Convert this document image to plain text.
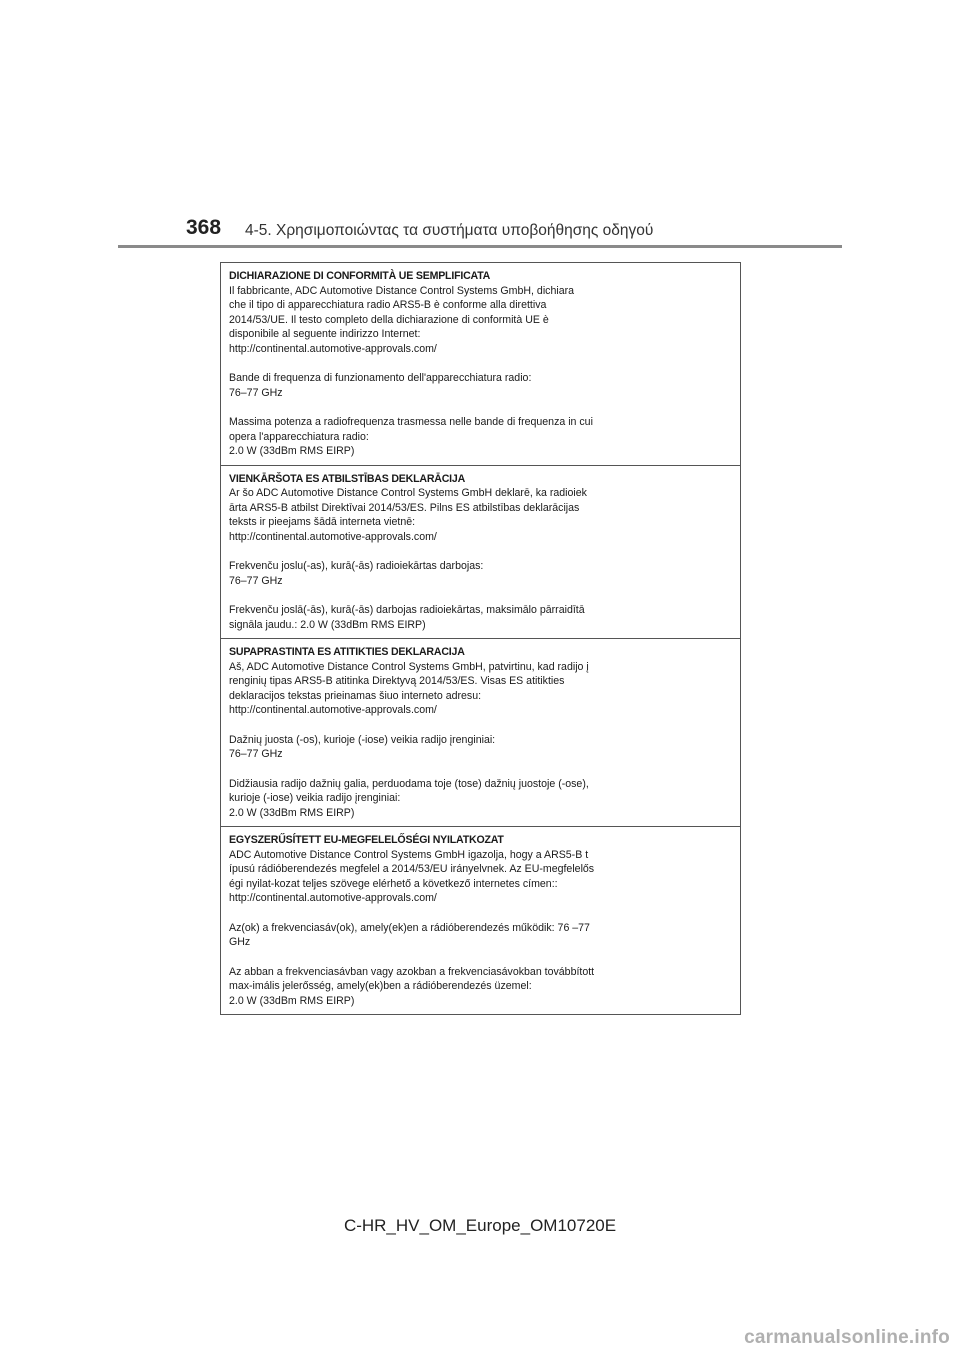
368 4-5. Χρησιμοποιώντας τα συστήματα υποβοήθησης οδηγού

DICHIARAZIONE DI CONFORMITÀ UE SEMPLIFICATA

Il fabbricante, ADC Automotive Distance Control Systems GmbH, dichiara
che il tipo di apparecchiatura radio ARS5-B è conforme alla direttiva
2014/53/UE. Il testo completo della dichiarazione di conformità UE è
disponibile al seguente indirizzo Internet:
http://continental.automotive-approvals.com/

Bande di frequenza di funzionamento dell'apparecchiatura radio:
76–77 GHz

Massima potenza a radiofrequenza trasmessa nelle bande di frequenza in cui
opera l'apparecchiatura radio:
2.0 W (33dBm RMS EIRP)

VIENKĀRŠOTA ES ATBILSTĪBAS DEKLARĀCIJA

Ar šo ADC Automotive Distance Control Systems GmbH deklarē, ka radioiek
ārta ARS5-B atbilst Direktīvai 2014/53/ES. Pilns ES atbilstības deklarācijas
teksts ir pieejams šādā interneta vietnē:
http://continental.automotive-approvals.com/

Frekvenču joslu(-as), kurā(-ās) radioiekārtas darbojas:
76–77 GHz

Frekvenču joslā(-ās), kurā(-ās) darbojas radioiekārtas, maksimālo pārraidītā
signāla jaudu.: 2.0 W (33dBm RMS EIRP)

SUPAPRASTINTA ES ATITIKTIES DEKLARACIJA

Aš, ADC Automotive Distance Control Systems GmbH, patvirtinu, kad radijo į
renginių tipas ARS5-B atitinka Direktyvą 2014/53/ES. Visas ES atitikties
deklaracijos tekstas prieinamas šiuo interneto adresu:
http://continental.automotive-approvals.com/

Dažnių juosta (-os), kurioje (-iose) veikia radijo įrenginiai:
76–77 GHz

Didžiausia radijo dažnių galia, perduodama toje (tose) dažnių juostoje (-ose),
kurioje (-iose) veikia radijo įrenginiai:
2.0 W (33dBm RMS EIRP)

EGYSZERŰSÍTETT EU-MEGFELELŐSÉGI NYILATKOZAT

ADC Automotive Distance Control Systems GmbH igazolja, hogy a ARS5-B t
ípusú rádióberendezés megfelel a 2014/53/EU irányelvnek. Az EU-megfelelős
égi nyilat-kozat teljes szövege elérhető a következő internetes címen::
http://continental.automotive-approvals.com/

Az(ok) a frekvenciasáv(ok), amely(ek)en a rádióberendezés működik: 76 –77
GHz

Az abban a frekvenciasávban vagy azokban a frekvenciasávokban továbbított
max-imális jelerősség, amely(ek)ben a rádióberendezés üzemel:
2.0 W (33dBm RMS EIRP)

C-HR_HV_OM_Europe_OM10720E
carmanualsonline.info
